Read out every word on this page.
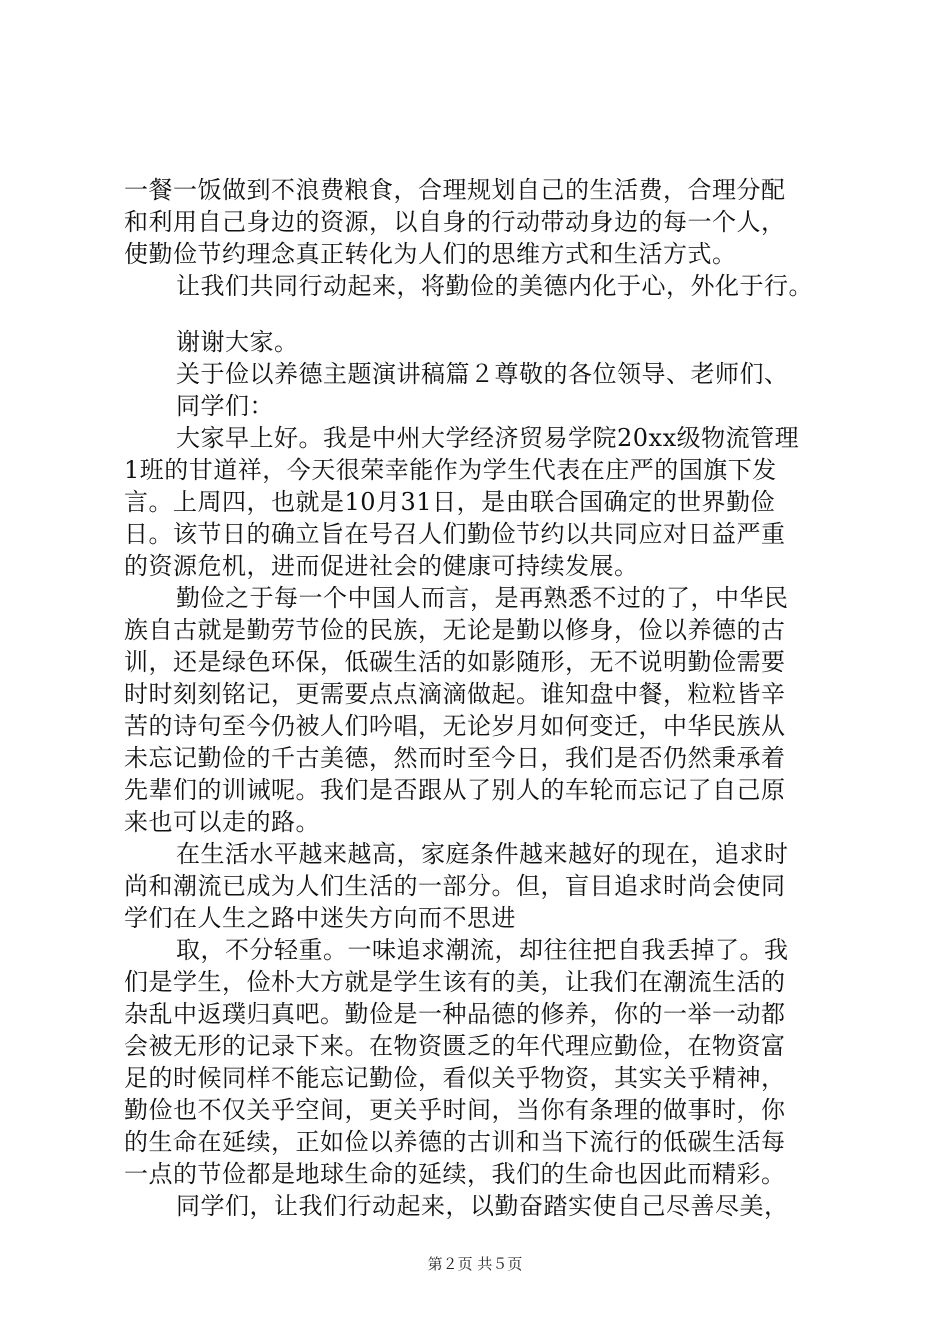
一餐一饭做到不浪费粮食，合理规划自己的生活费，合理分配
和利用自己身边的资源，以自身的行动带动身边的每一个人，
使勤俭节约理念真正转化为人们的思维方式和生活方式。
让我们共同行动起来，将勤俭的美德内化于心，外化于行。
谢谢大家。
关于俭以养德主题演讲稿篇２尊敬的各位领导、老师们、
同学们：
大家早上好。我是中州大学经济贸易学院20xx级物流管理
1班的甘道祥，今天很荣幸能作为学生代表在庄严的国旗下发
言。上周四，也就是10月31日，是由联合国确定的世界勤俭
日。该节日的确立旨在号召人们勤俭节约以共同应对日益严重
的资源危机，进而促进社会的健康可持续发展。
勤俭之于每一个中国人而言，是再熟悉不过的了，中华民
族自古就是勤劳节俭的民族，无论是勤以修身，俭以养德的古
训，还是绿色环保，低碳生活的如影随形，无不说明勤俭需要
时时刻刻铭记，更需要点点滴滴做起。谁知盘中餐，粒粒皆辛
苦的诗句至今仍被人们吟唱，无论岁月如何变迁，中华民族从
未忘记勤俭的千古美德，然而时至今日，我们是否仍然秉承着
先辈们的训诫呢。我们是否跟从了别人的车轮而忘记了自己原
来也可以走的路。
在生活水平越来越高，家庭条件越来越好的现在，追求时
尚和潮流已成为人们生活的一部分。但，盲目追求时尚会使同
学们在人生之路中迷失方向而不思进
取，不分轻重。一味追求潮流，却往往把自我丢掉了。我
们是学生，俭朴大方就是学生该有的美，让我们在潮流生活的
杂乱中返璞归真吧。勤俭是一种品德的修养，你的一举一动都
会被无形的记录下来。在物资匮乏的年代理应勤俭，在物资富
足的时候同样不能忘记勤俭，看似关乎物资，其实关乎精神，
勤俭也不仅关乎空间，更关乎时间，当你有条理的做事时，你
的生命在延续，正如俭以养德的古训和当下流行的低碳生活每
一点的节俭都是地球生命的延续，我们的生命也因此而精彩。
同学们，让我们行动起来，以勤奋踏实使自己尽善尽美，
第２页 共５页
